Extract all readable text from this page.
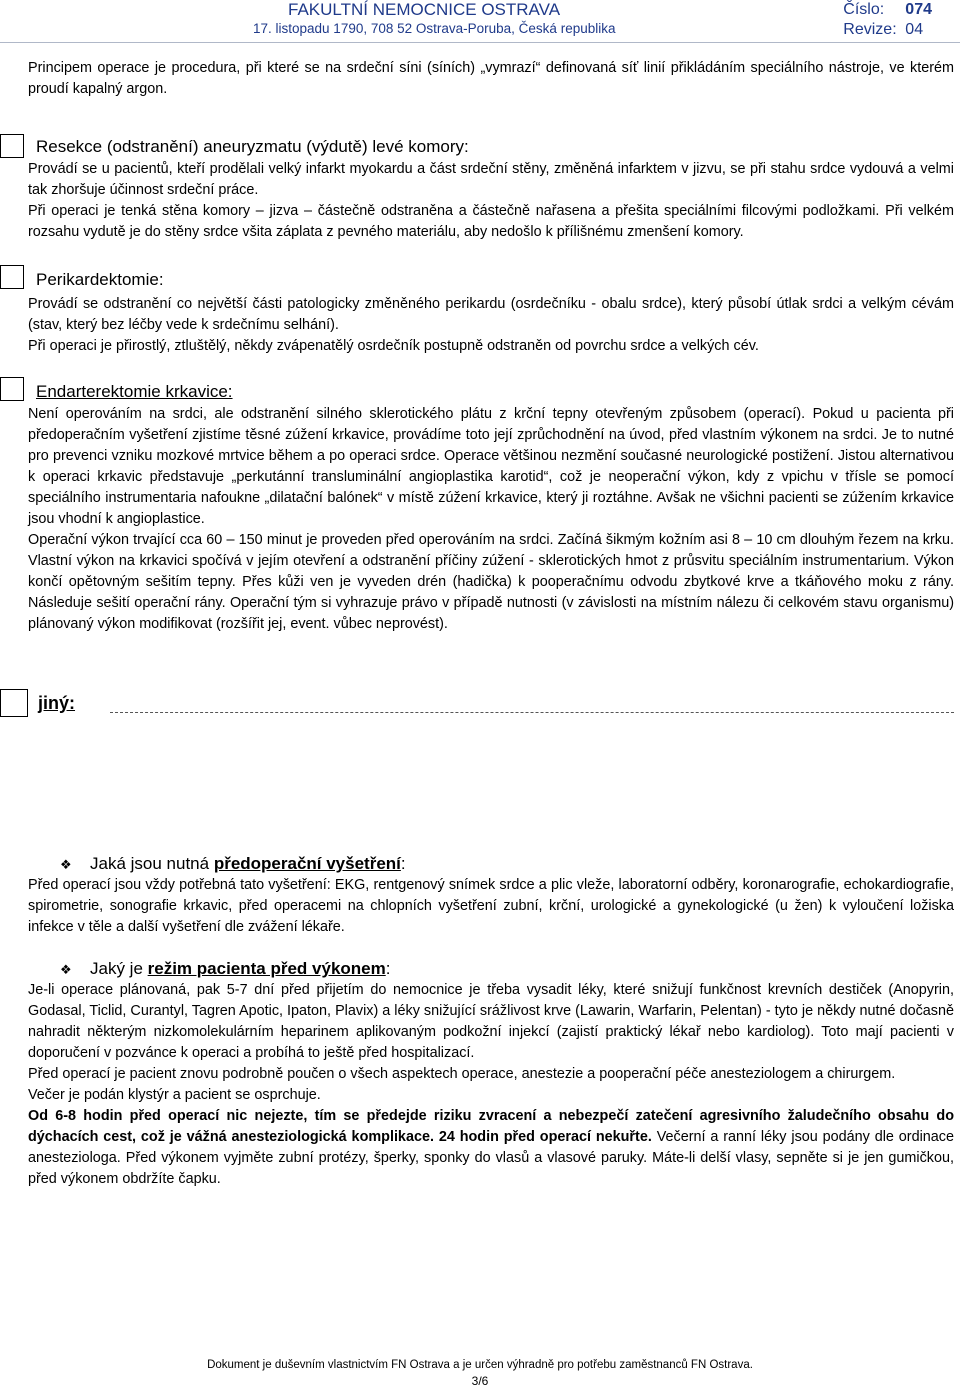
FAKULTNÍ NEMOCNICE OSTRAVA
17. listopadu 1790, 708 52 Ostrava-Poruba, Česká republika
Číslo: 074
Revize: 04

Principem operace je procedura, při které se na srdeční síni (síních) „vymrazí“ definovaná síť linií přikládáním speciálního nástroje, ve kterém proudí kapalný argon.

Resekce (odstranění) aneuryzmatu (výdutě) levé komory:

Provádí se u pacientů, kteří prodělali velký infarkt myokardu a část srdeční stěny, změněná infarktem v jizvu, se při stahu srdce vydouvá a velmi tak zhoršuje účinnost srdeční práce.

Při operaci je tenká stěna komory – jizva – částečně odstraněna a částečně nařasena a přešita speciálními filcovými podložkami. Při velkém rozsahu vydutě je do stěny srdce všita záplata z pevného materiálu, aby nedošlo k přílišnému zmenšení komory.

Perikardektomie:

Provádí se odstranění co největší části patologicky změněného perikardu (osrdečníku - obalu srdce), který působí útlak srdci a velkým cévám (stav, který bez léčby vede k srdečnímu selhání).

Při operaci je přirostlý, ztluštělý, někdy zvápenatělý osrdečník postupně odstraněn od povrchu srdce a velkých cév.

Endarterektomie krkavice:

Není operováním na srdci, ale odstranění silného sklerotického plátu z krční tepny otevřeným způsobem (operací). Pokud u pacienta při předoperačním vyšetření zjistíme těsné zúžení krkavice, provádíme toto její zprůchodnění na úvod, před vlastním výkonem na srdci. Je to nutné pro prevenci vzniku mozkové mrtvice během a po operaci srdce. Operace většinou nezmění současné neurologické postižení. Jistou alternativou k operaci krkavic představuje „perkutánní transluminální angioplastika karotid“, což je neoperační výkon, kdy z vpichu v tříslе se pomocí speciálního instrumentaria nafoukne „dilatační balónek“ v místě zúžení krkavice, který ji roztáhne. Avšak ne všichni pacienti se zúžením krkavice jsou vhodní k angioplastice.

Operační výkon trvající cca 60 – 150 minut je proveden před operováním na srdci. Začíná šikmým kožním asi 8 – 10 cm dlouhým řezem na krku. Vlastní výkon na krkavici spočívá v jejím otevření a odstranění příčiny zúžení - sklerotických hmot z průsvitu speciálním instrumentarium. Výkon končí opětovným sešitím tepny. Přes kůži ven je vyveden drén (hadička) k pooperačnímu odvodu zbytkové krve a tkáňového moku z rány. Následuje sešití operační rány. Operační tým si vyhrazuje právo v případě nutnosti (v závislosti na místním nálezu či celkovém stavu organismu) plánovaný výkon modifikovat (rozšířit jej, event. vůbec neprovést).

jiný:
❖ Jaká jsou nutná předoperační vyšetření:

Před operací jsou vždy potřebná tato vyšetření: EKG, rentgenový snímek srdce a plic vleže, laboratorní odběry, koronarografie, echokardiografie, spirometrie, sonografie krkavic, před operacemi na chlopních vyšetření zubní, krční, urologické a gynekologické (u žen) k vyloučení ložiska infekce v těle a další vyšetření dle zvážení lékaře.

❖ Jaký je režim pacienta před výkonem:

Je-li operace plánovaná, pak 5-7 dní před přijetím do nemocnice je třeba vysadit léky, které snižují funkčnost krevních destiček (Anopyrin, Godasal, Ticlid, Curantyl, Tagren Apotic, Ipaton, Plavix) a léky snižující srážlivost krve (Lawarin, Warfarin, Pelentan) - tyto je někdy nutné dočasně nahradit některým nizkomolekulárním heparinem aplikovaným podkožní injekcí (zajistí praktický lékař nebo kardiolog). Toto mají pacienti v doporučení v pozvánce k operaci a probíhá to ještě před hospitalizací.

Před operací je pacient znovu podrobně poučen o všech aspektech operace, anestezie a pooperační péče anesteziologem a chirurgem.

Večer je podán klystýr a pacient se osprchuje.

Od 6-8 hodin před operací nic nejezte, tím se předejde riziku zvracení a nebezpečí zatečení agresivního žaludečního obsahu do dýchacích cest, což je vážná anesteziologická komplikace. 24 hodin před operací nekuřte. Večerní a ranní léky jsou podány dle ordinace anesteziologa. Před výkonem vyjměte zubní protézy, šperky, sponky do vlasů a vlasové paruky. Máte-li delší vlasy, sepněte si je jen gumičkou, před výkonem obdržíte čapku.

Dokument je duševním vlastnictvím FN Ostrava a je určen výhradně pro potřebu zaměstnanců FN Ostrava.
3/6
